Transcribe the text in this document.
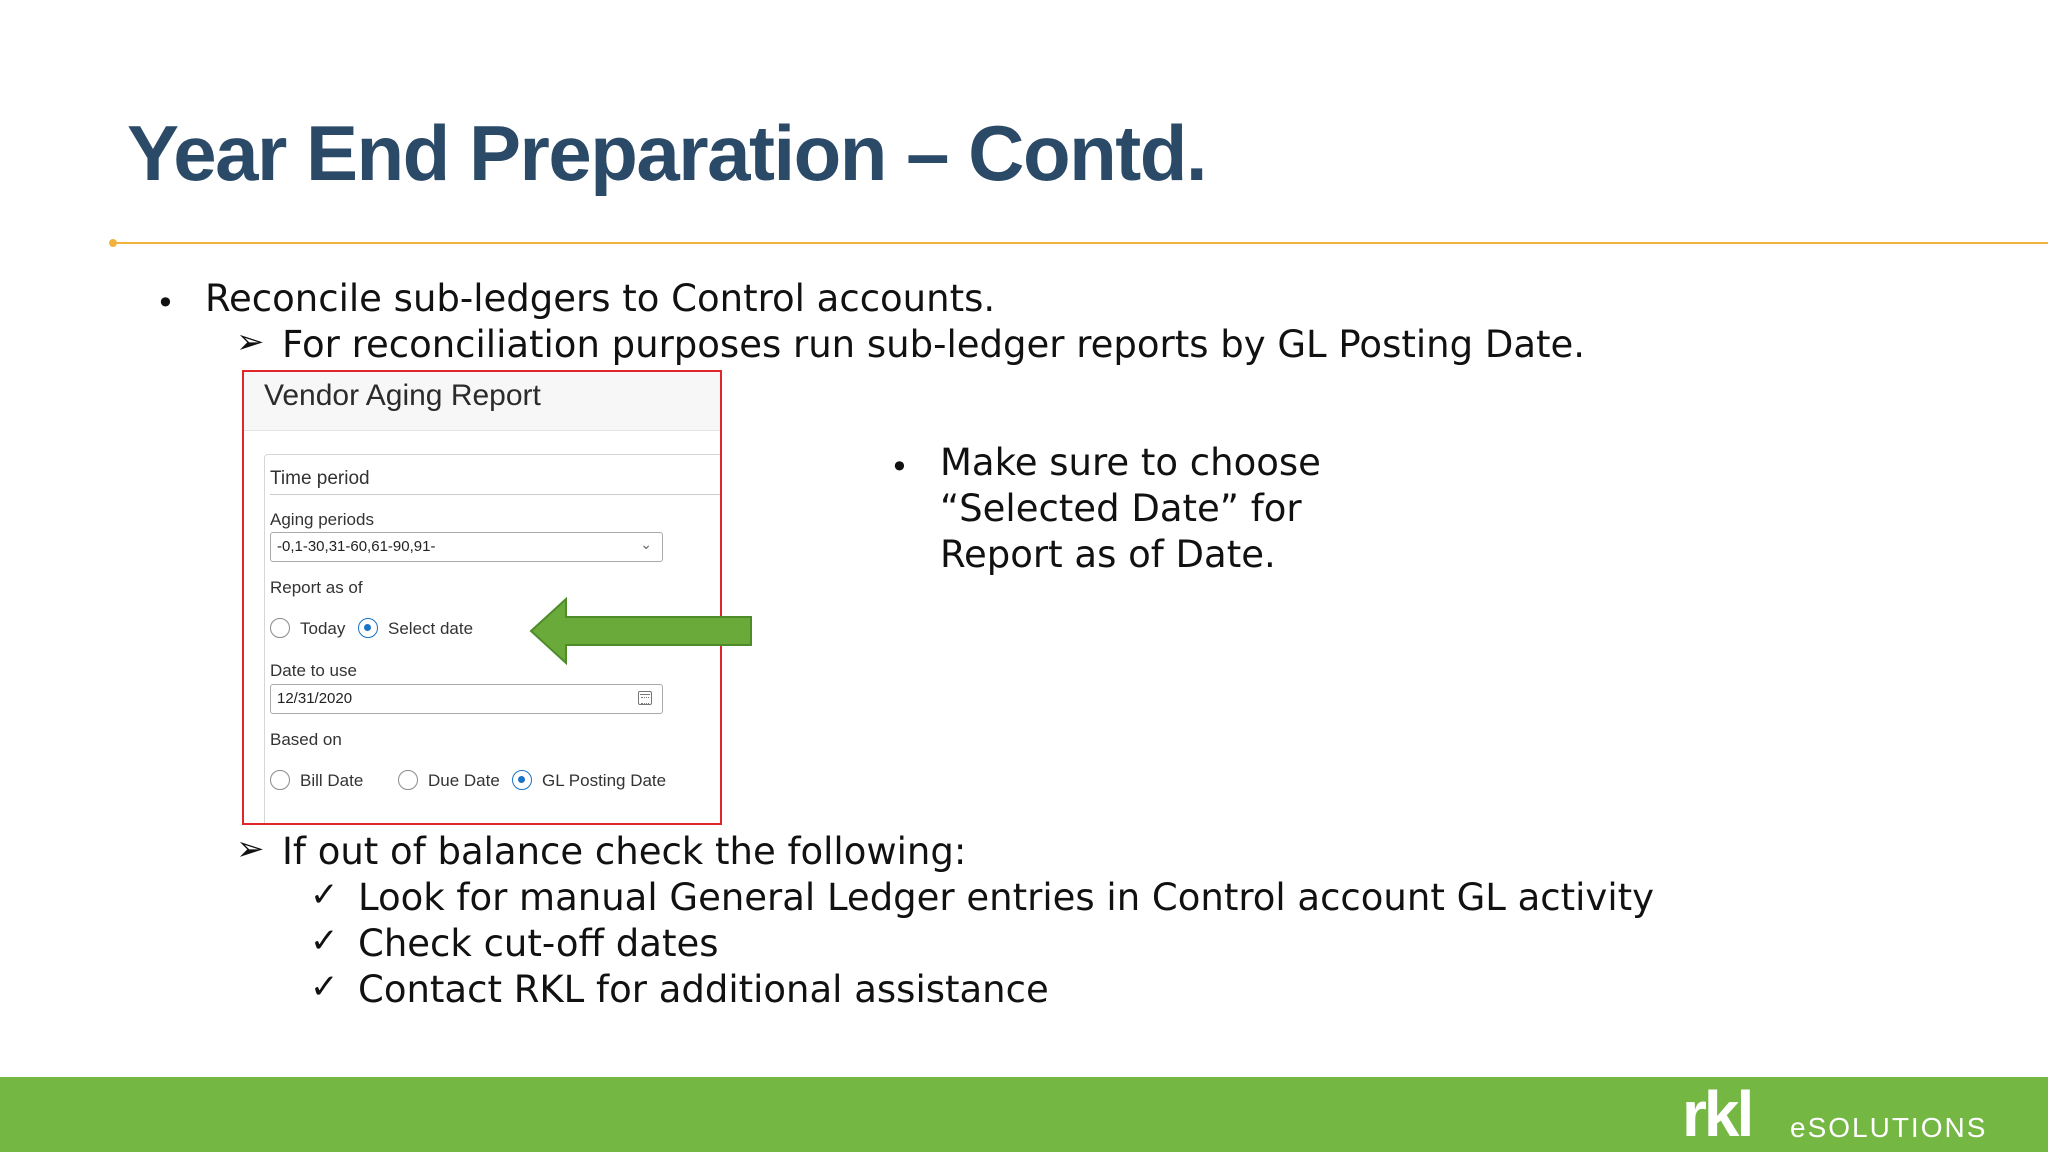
Year End Preparation – Contd.
• Reconcile sub-ledgers to Control accounts.
➢ For reconciliation purposes run sub-ledger reports by GL Posting Date.
Vendor Aging Report
Time period
Aging periods
-0,1-30,31-60,61-90,91-	⌄
Report as of
Today	Select date
Date to use
12/31/2020
Based on
Bill Date	Due Date GL Posting Date
• Make sure to choose
“Selected Date” for
Report as of Date.
➢ If out of balance check the following:
✓ Look for manual General Ledger entries in Control account GL activity
✓ Check cut-off dates
✓ Contact RKL for additional assistance
rkl eSOLUTIONS
